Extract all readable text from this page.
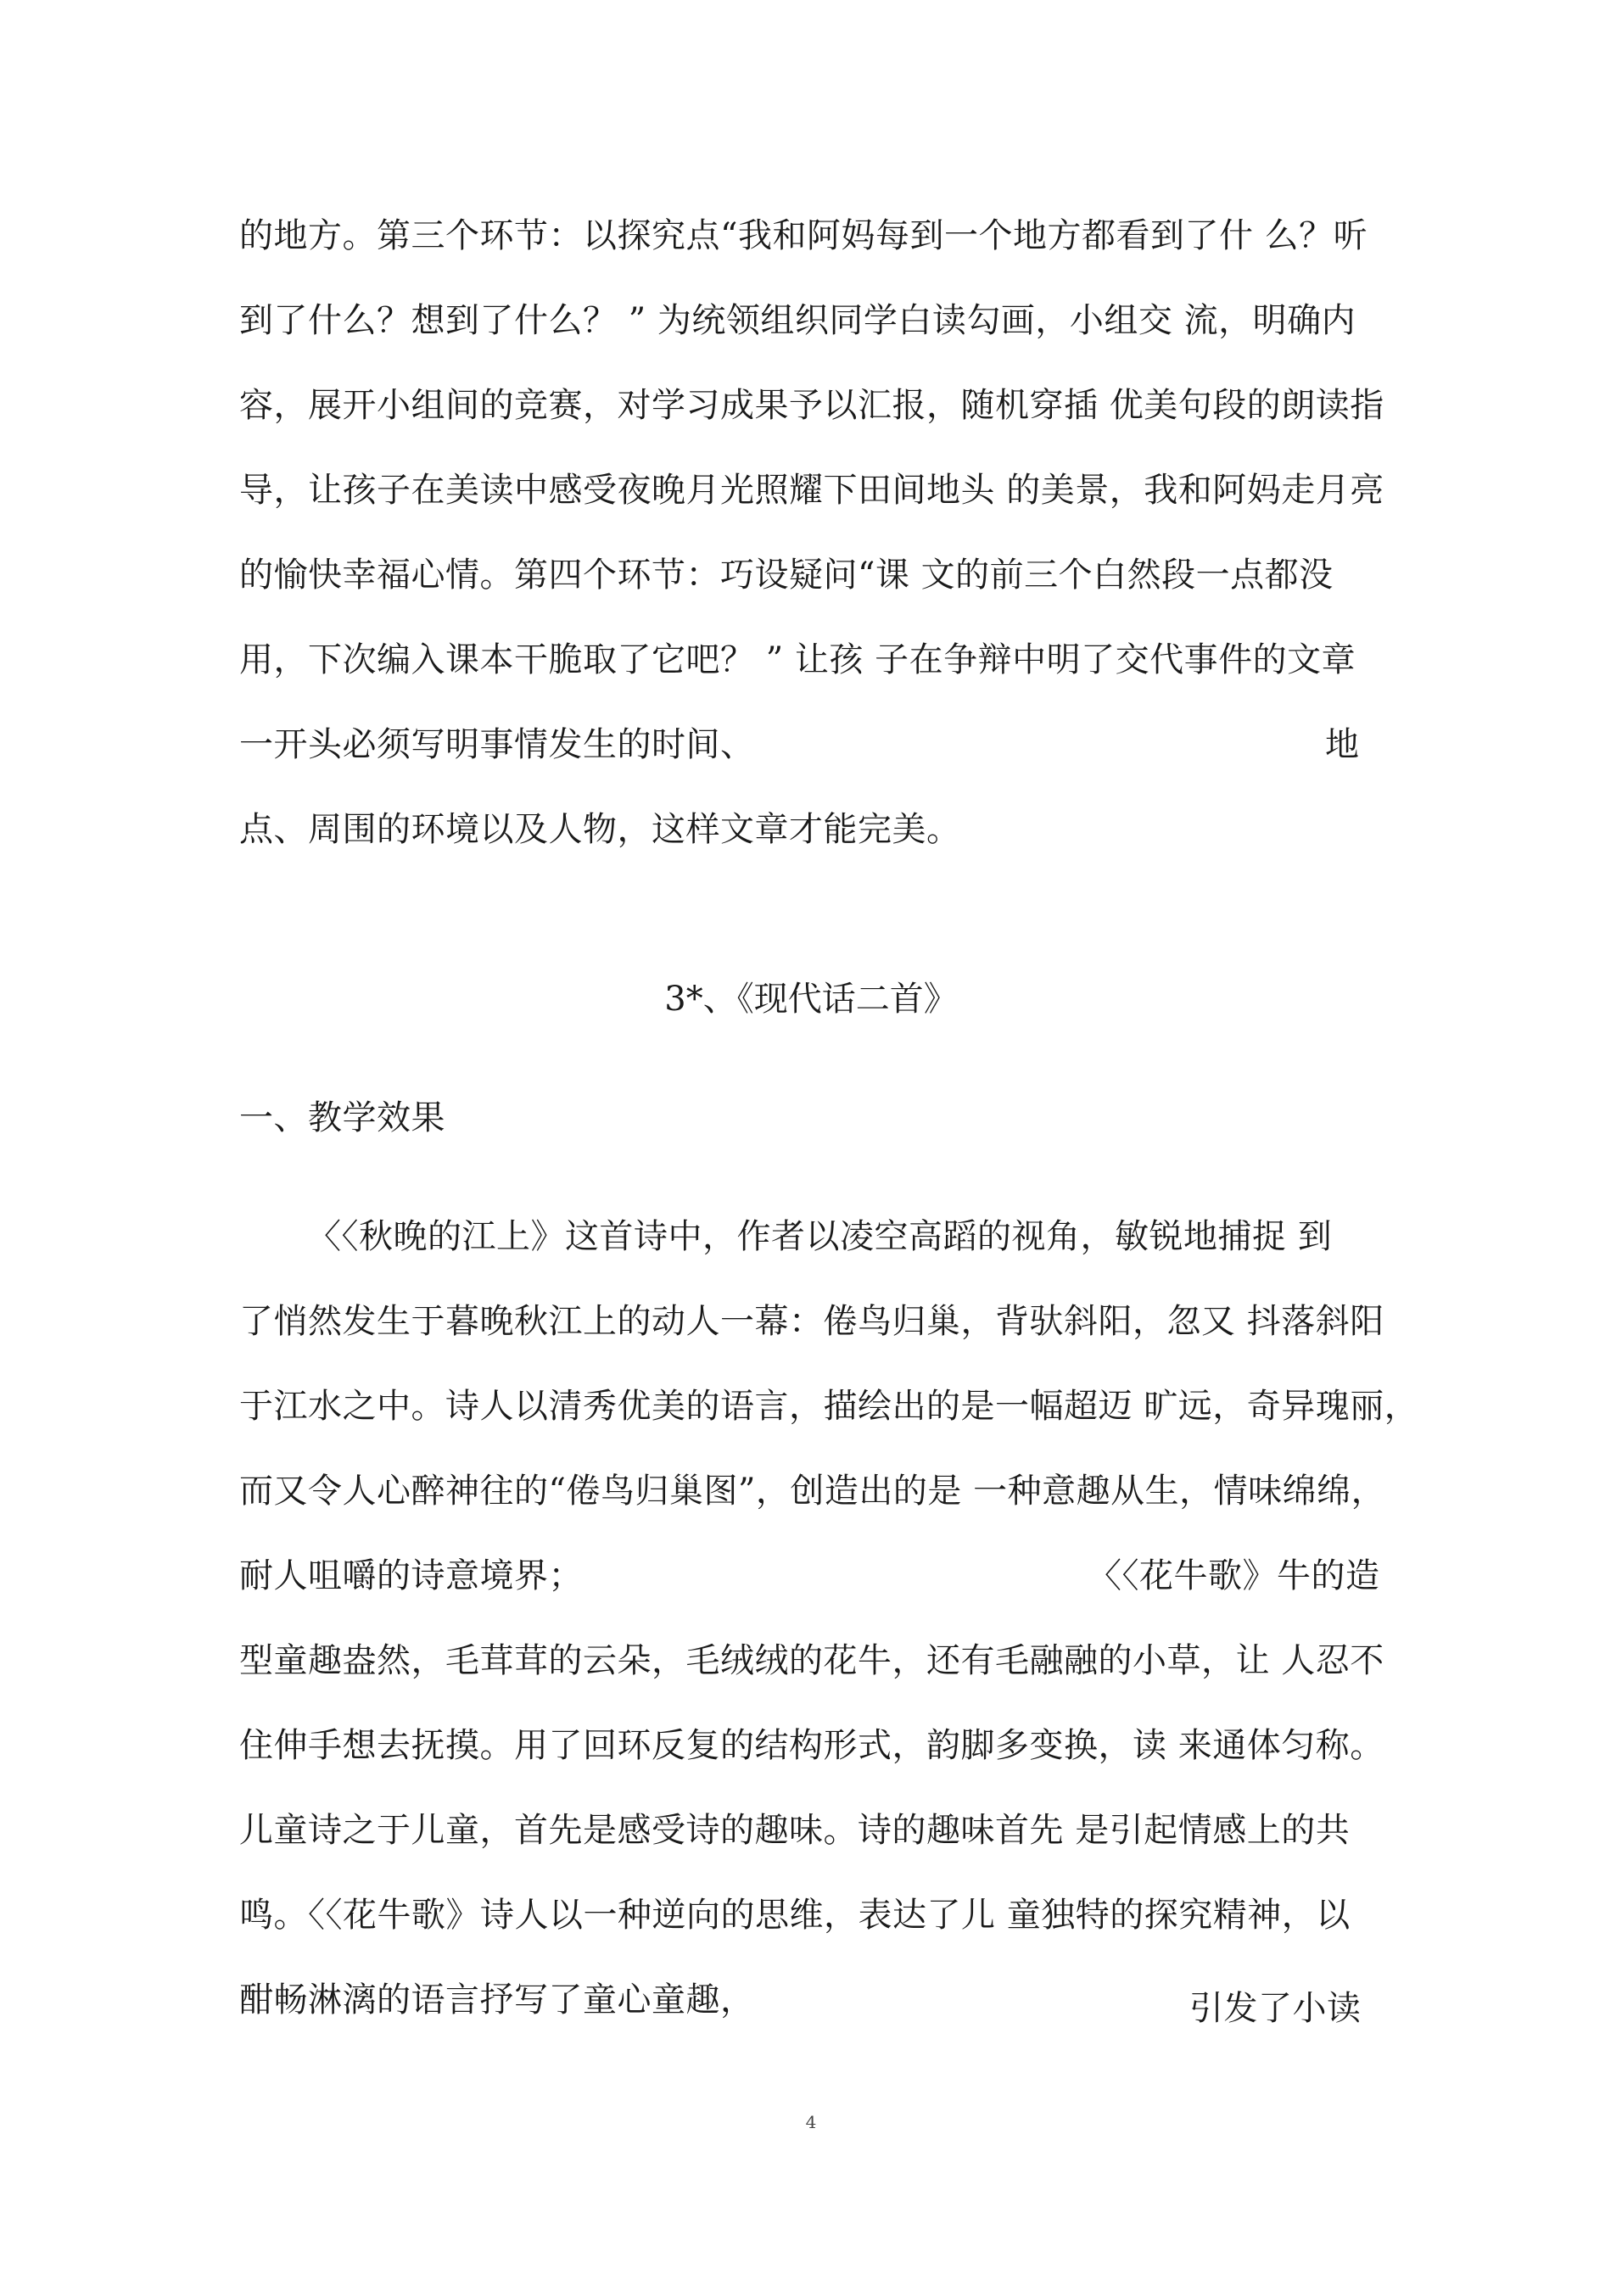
的地方。第三个环节：以探究点“我和阿妈每到一个地方都看到了什 么？听
到了什么？想到了什么？ ” 为统领组织同学白读勾画，小组交 流，明确内
容，展开小组间的竞赛，对学习成果予以汇报，随机穿插 优美句段的朗读指
导，让孩子在美读中感受夜晚月光照耀下田间地头 的美景，我和阿妈走月亮
的愉快幸福心情。第四个环节：巧设疑问“课 文的前三个白然段一点都没
用，下次编入课本干脆取了它吧？ ” 让孩 子在争辩中明了交代事件的文章
一开头必须写明事情发生的时间、	地
点、周围的环境以及人物，这样文章才能完美。
3*、《现代话二首》
一、教学效果
〈〈秋晚的江上》这首诗中，作者以凌空高蹈的视角，敏锐地捕捉 到
了悄然发生于暮晚秋江上的动人一幕：倦鸟归巢，背驮斜阳，忽又 抖落斜阳
于江水之中。诗人以清秀优美的语言，描绘出的是一幅超迈 旷远，奇异瑰丽，
而又令人心醉神往的“倦鸟归巢图”，创造出的是 一种意趣从生，情味绵绵，
耐人咀嚼的诗意境界；	〈〈花牛歌》牛的造
型童趣盎然，毛茸茸的云朵，毛绒绒的花牛，还有毛融融的小草，让 人忍不
住伸手想去抚摸。用了回环反复的结构形式，韵脚多变换，读 来通体匀称。
儿童诗之于儿童，首先是感受诗的趣味。诗的趣味首先 是引起情感上的共
鸣。〈〈花牛歌》诗人以一种逆向的思维，表达了儿 童独特的探究精神，以
酣畅淋漓的语言抒写了童心童趣，	引发了小读
4
